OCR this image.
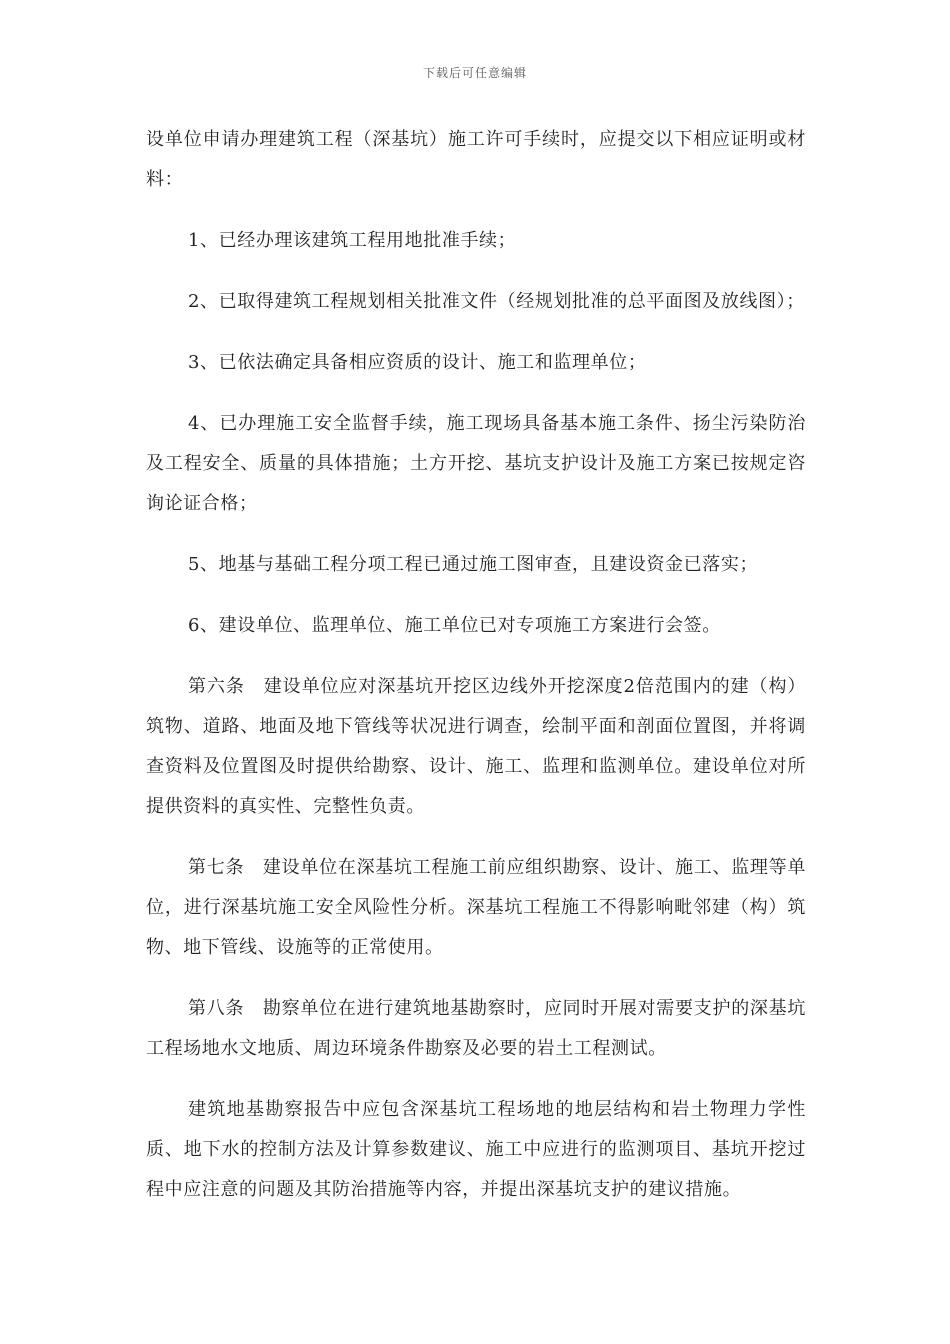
下载后可任意编辑

设单位申请办理建筑工程（深基坑）施工许可手续时，应提交以下相应证明或材料：

1、已经办理该建筑工程用地批准手续；

2、已取得建筑工程规划相关批准文件（经规划批准的总平面图及放线图）；

3、已依法确定具备相应资质的设计、施工和监理单位；

4、已办理施工安全监督手续，施工现场具备基本施工条件、扬尘污染防治及工程安全、质量的具体措施；土方开挖、基坑支护设计及施工方案已按规定咨询论证合格；

5、地基与基础工程分项工程已通过施工图审查，且建设资金已落实；

6、建设单位、监理单位、施工单位已对专项施工方案进行会签。

第六条　建设单位应对深基坑开挖区边线外开挖深度2倍范围内的建（构）筑物、道路、地面及地下管线等状况进行调查，绘制平面和剖面位置图，并将调查资料及位置图及时提供给勘察、设计、施工、监理和监测单位。建设单位对所提供资料的真实性、完整性负责。

第七条　建设单位在深基坑工程施工前应组织勘察、设计、施工、监理等单位，进行深基坑施工安全风险性分析。深基坑工程施工不得影响毗邻建（构）筑物、地下管线、设施等的正常使用。

第八条　勘察单位在进行建筑地基勘察时，应同时开展对需要支护的深基坑工程场地水文地质、周边环境条件勘察及必要的岩土工程测试。

建筑地基勘察报告中应包含深基坑工程场地的地层结构和岩土物理力学性质、地下水的控制方法及计算参数建议、施工中应进行的监测项目、基坑开挖过程中应注意的问题及其防治措施等内容，并提出深基坑支护的建议措施。
